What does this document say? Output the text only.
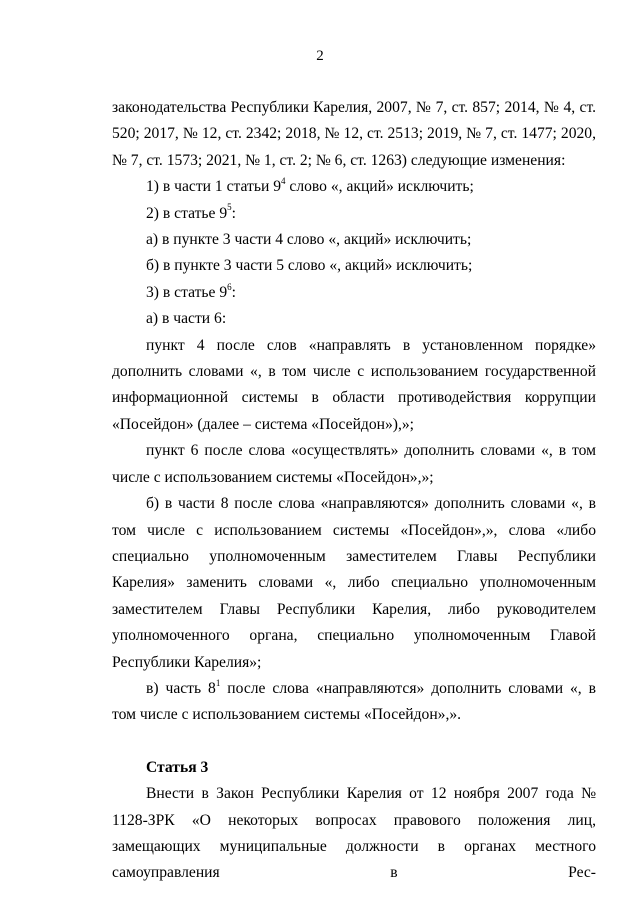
2

законодательства Республики Карелия, 2007, № 7, ст. 857; 2014, № 4, ст. 520; 2017, № 12, ст. 2342; 2018, № 12, ст. 2513; 2019, № 7, ст. 1477; 2020, № 7, ст. 1573; 2021, № 1, ст. 2; № 6, ст. 1263) следующие изменения:

1) в части 1 статьи $9^4$ слово «, акций» исключить;

2) в статье $9^5$:

а) в пункте 3 части 4 слово «, акций» исключить;

б) в пункте 3 части 5 слово «, акций» исключить;

3) в статье $9^6$:

а) в части 6:

пункт 4 после слов «направлять в установленном порядке» дополнить словами «, в том числе с использованием государственной информационной системы в области противодействия коррупции «Посейдон» (далее – система «Посейдон»),»;

пункт 6 после слова «осуществлять» дополнить словами «, в том числе с использованием системы «Посейдон»,»;

б) в части 8 после слова «направляются» дополнить словами «, в том числе с использованием системы «Посейдон»,», слова «либо специально уполномоченным заместителем Главы Республики Карелия» заменить словами «, либо специально уполномоченным заместителем Главы Республики Карелия, либо руководителем уполномоченного органа, специально уполномоченным Главой Республики Карелия»;

в) часть $8^1$ после слова «направляются» дополнить словами «, в том числе с использованием системы «Посейдон»,».

Статья 3

Внести в Закон Республики Карелия от 12 ноября 2007 года № 1128-ЗРК «О некоторых вопросах правового положения лиц, замещающих муниципальные должности в органах местного самоуправления в Рес-
